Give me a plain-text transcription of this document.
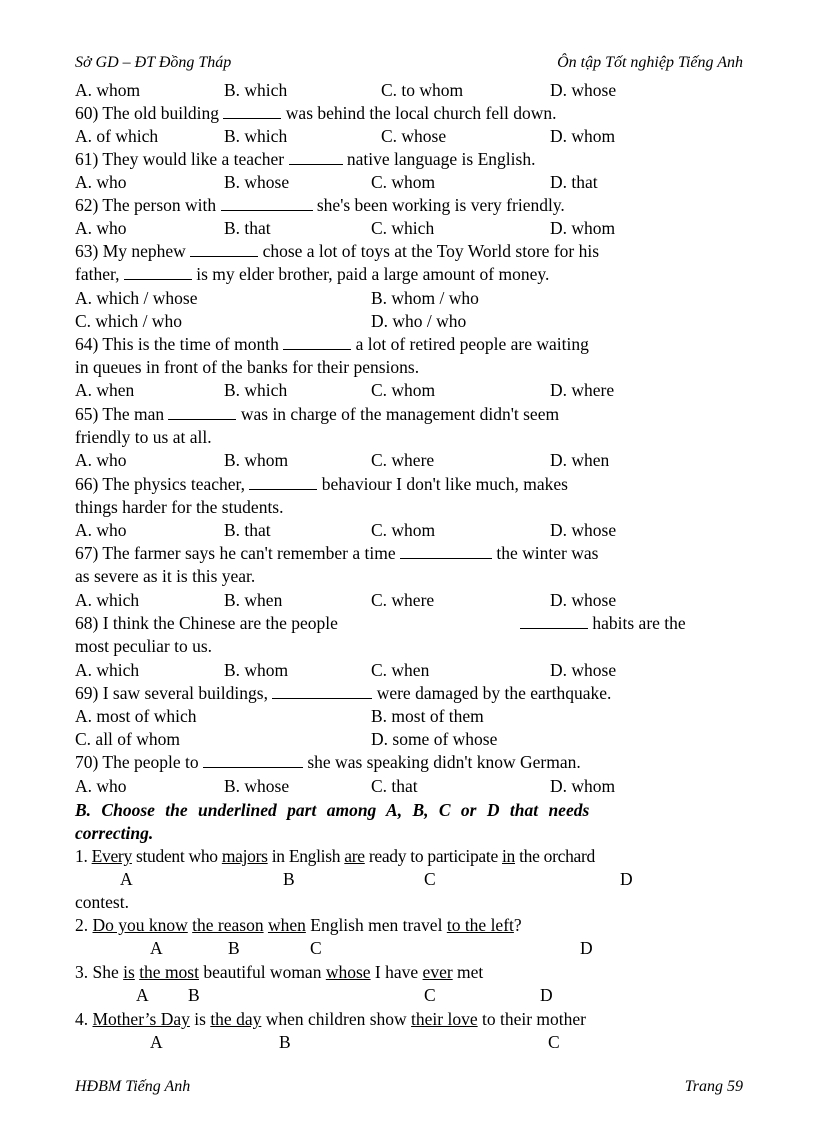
Sở GD – ĐT Đồng Tháp	Ôn tập Tốt nghiệp Tiếng Anh
A. whom	B. which	C. to whom	D. whose
60) The old building	was behind the local church fell down.
A. of which	B. which	C. whose	D. whom
61) They would like a teacher	native language is English.
A. who	B. whose	C. whom	D. that
62) The person with	she's been working is very friendly.
A. who	B. that	C. which	D. whom
63) My nephew	chose a lot of toys at the Toy World store for his
father,	is my elder brother, paid a large amount of money.
A. which / whose	B. whom / who
C. which / who	D. who / who
64) This is the time of month	a lot of retired people are waiting
in queues in front of the banks for their pensions.
A. when	B. which	C. whom	D. where
65) The man	was in charge of the management didn't seem
friendly to us at all.
A. who	B. whom	C. where	D. when
66) The physics teacher,	behaviour I don't like much, makes
things harder for the students.
A. who	B. that	C. whom	D. whose
67) The farmer says he can't remember a time	the winter was
as severe as it is this year.
A. which	B. when	C. where	D. whose
68) I think the Chinese are the people	habits are the
most peculiar to us.
A. which	B. whom	C. when	D. whose
69) I saw several buildings,	were damaged by the earthquake.
A. most of which	B. most of them
C. all of whom	D. some of whose
70) The people to	she was speaking didn't know German.
A. who	B. whose	C. that	D. whom
B. Choose the underlined part among A, B, C or D that needs
correcting.
1. Every student who majors in English are ready to participate in the orchard
A	B	C	D
contest.
2. Do you know the reason when English men travel to the left?
A	B	C	D
3. She is the most beautiful woman whose I have ever met
A B	C	D
4. Mother’s Day is the day when children show their love to their mother
A	B	C
HĐBM Tiếng Anh	Trang 59
